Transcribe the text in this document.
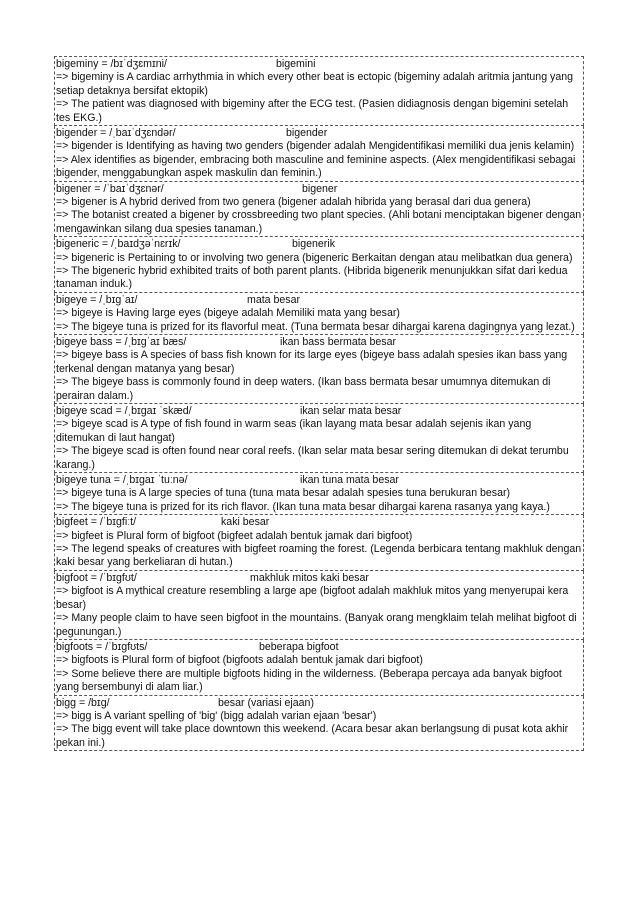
bigeminy = /bɪˈdʒɛmɪni/	bigemini
=> bigeminy is A cardiac arrhythmia in which every other beat is ectopic (bigeminy adalah aritmia jantung yang setiap detaknya bersifat ektopik)
=> The patient was diagnosed with bigeminy after the ECG test. (Pasien didiagnosis dengan bigemini setelah tes EKG.)
bigender = /ˌbaɪˈdʒɛndər/	bigender
=> bigender is Identifying as having two genders (bigender adalah Mengidentifikasi memiliki dua jenis kelamin)
=> Alex identifies as bigender, embracing both masculine and feminine aspects. (Alex mengidentifikasi sebagai bigender, menggabungkan aspek maskulin dan feminin.)
bigener = /ˈbaɪˈdʒɛnər/	bigener
=> bigener is A hybrid derived from two genera (bigener adalah hibrida yang berasal dari dua genera)
=> The botanist created a bigener by crossbreeding two plant species. (Ahli botani menciptakan bigener dengan mengawinkan silang dua spesies tanaman.)
bigeneric = /ˌbaɪdʒəˈnɛrɪk/	bigenerik
=> bigeneric is Pertaining to or involving two genera (bigeneric Berkaitan dengan atau melibatkan dua genera)
=> The bigeneric hybrid exhibited traits of both parent plants. (Hibrida bigenerik menunjukkan sifat dari kedua tanaman induk.)
bigeye = /ˌbɪɡˈaɪ/	mata besar
=> bigeye is Having large eyes (bigeye adalah Memiliki mata yang besar)
=> The bigeye tuna is prized for its flavorful meat. (Tuna bermata besar dihargai karena dagingnya yang lezat.)
bigeye bass = /ˌbɪɡˈaɪ bæs/	ikan bass bermata besar
=> bigeye bass is A species of bass fish known for its large eyes (bigeye bass adalah spesies ikan bass yang terkenal dengan matanya yang besar)
=> The bigeye bass is commonly found in deep waters. (Ikan bass bermata besar umumnya ditemukan di perairan dalam.)
bigeye scad = /ˌbɪɡaɪ ˈskæd/	ikan selar mata besar
=> bigeye scad is A type of fish found in warm seas (ikan layang mata besar adalah sejenis ikan yang ditemukan di laut hangat)
=> The bigeye scad is often found near coral reefs. (Ikan selar mata besar sering ditemukan di dekat terumbu karang.)
bigeye tuna = /ˌbɪɡaɪ ˈtuːnə/	ikan tuna mata besar
=> bigeye tuna is A large species of tuna (tuna mata besar adalah spesies tuna berukuran besar)
=> The bigeye tuna is prized for its rich flavor. (Ikan tuna mata besar dihargai karena rasanya yang kaya.)
bigfeet = /ˈbɪɡfiːt/	kaki besar
=> bigfeet is Plural form of bigfoot (bigfeet adalah bentuk jamak dari bigfoot)
=> The legend speaks of creatures with bigfeet roaming the forest. (Legenda berbicara tentang makhluk dengan kaki besar yang berkeliaran di hutan.)
bigfoot = /ˈbɪɡfʊt/	makhluk mitos kaki besar
=> bigfoot is A mythical creature resembling a large ape (bigfoot adalah makhluk mitos yang menyerupai kera besar)
=> Many people claim to have seen bigfoot in the mountains. (Banyak orang mengklaim telah melihat bigfoot di pegunungan.)
bigfoots = /ˈbɪɡfʊts/	beberapa bigfoot
=> bigfoots is Plural form of bigfoot (bigfoots adalah bentuk jamak dari bigfoot)
=> Some believe there are multiple bigfoots hiding in the wilderness. (Beberapa percaya ada banyak bigfoot yang bersembunyi di alam liar.)
bigg = /bɪɡ/	besar (variasi ejaan)
=> bigg is A variant spelling of 'big' (bigg adalah varian ejaan 'besar')
=> The bigg event will take place downtown this weekend. (Acara besar akan berlangsung di pusat kota akhir pekan ini.)
